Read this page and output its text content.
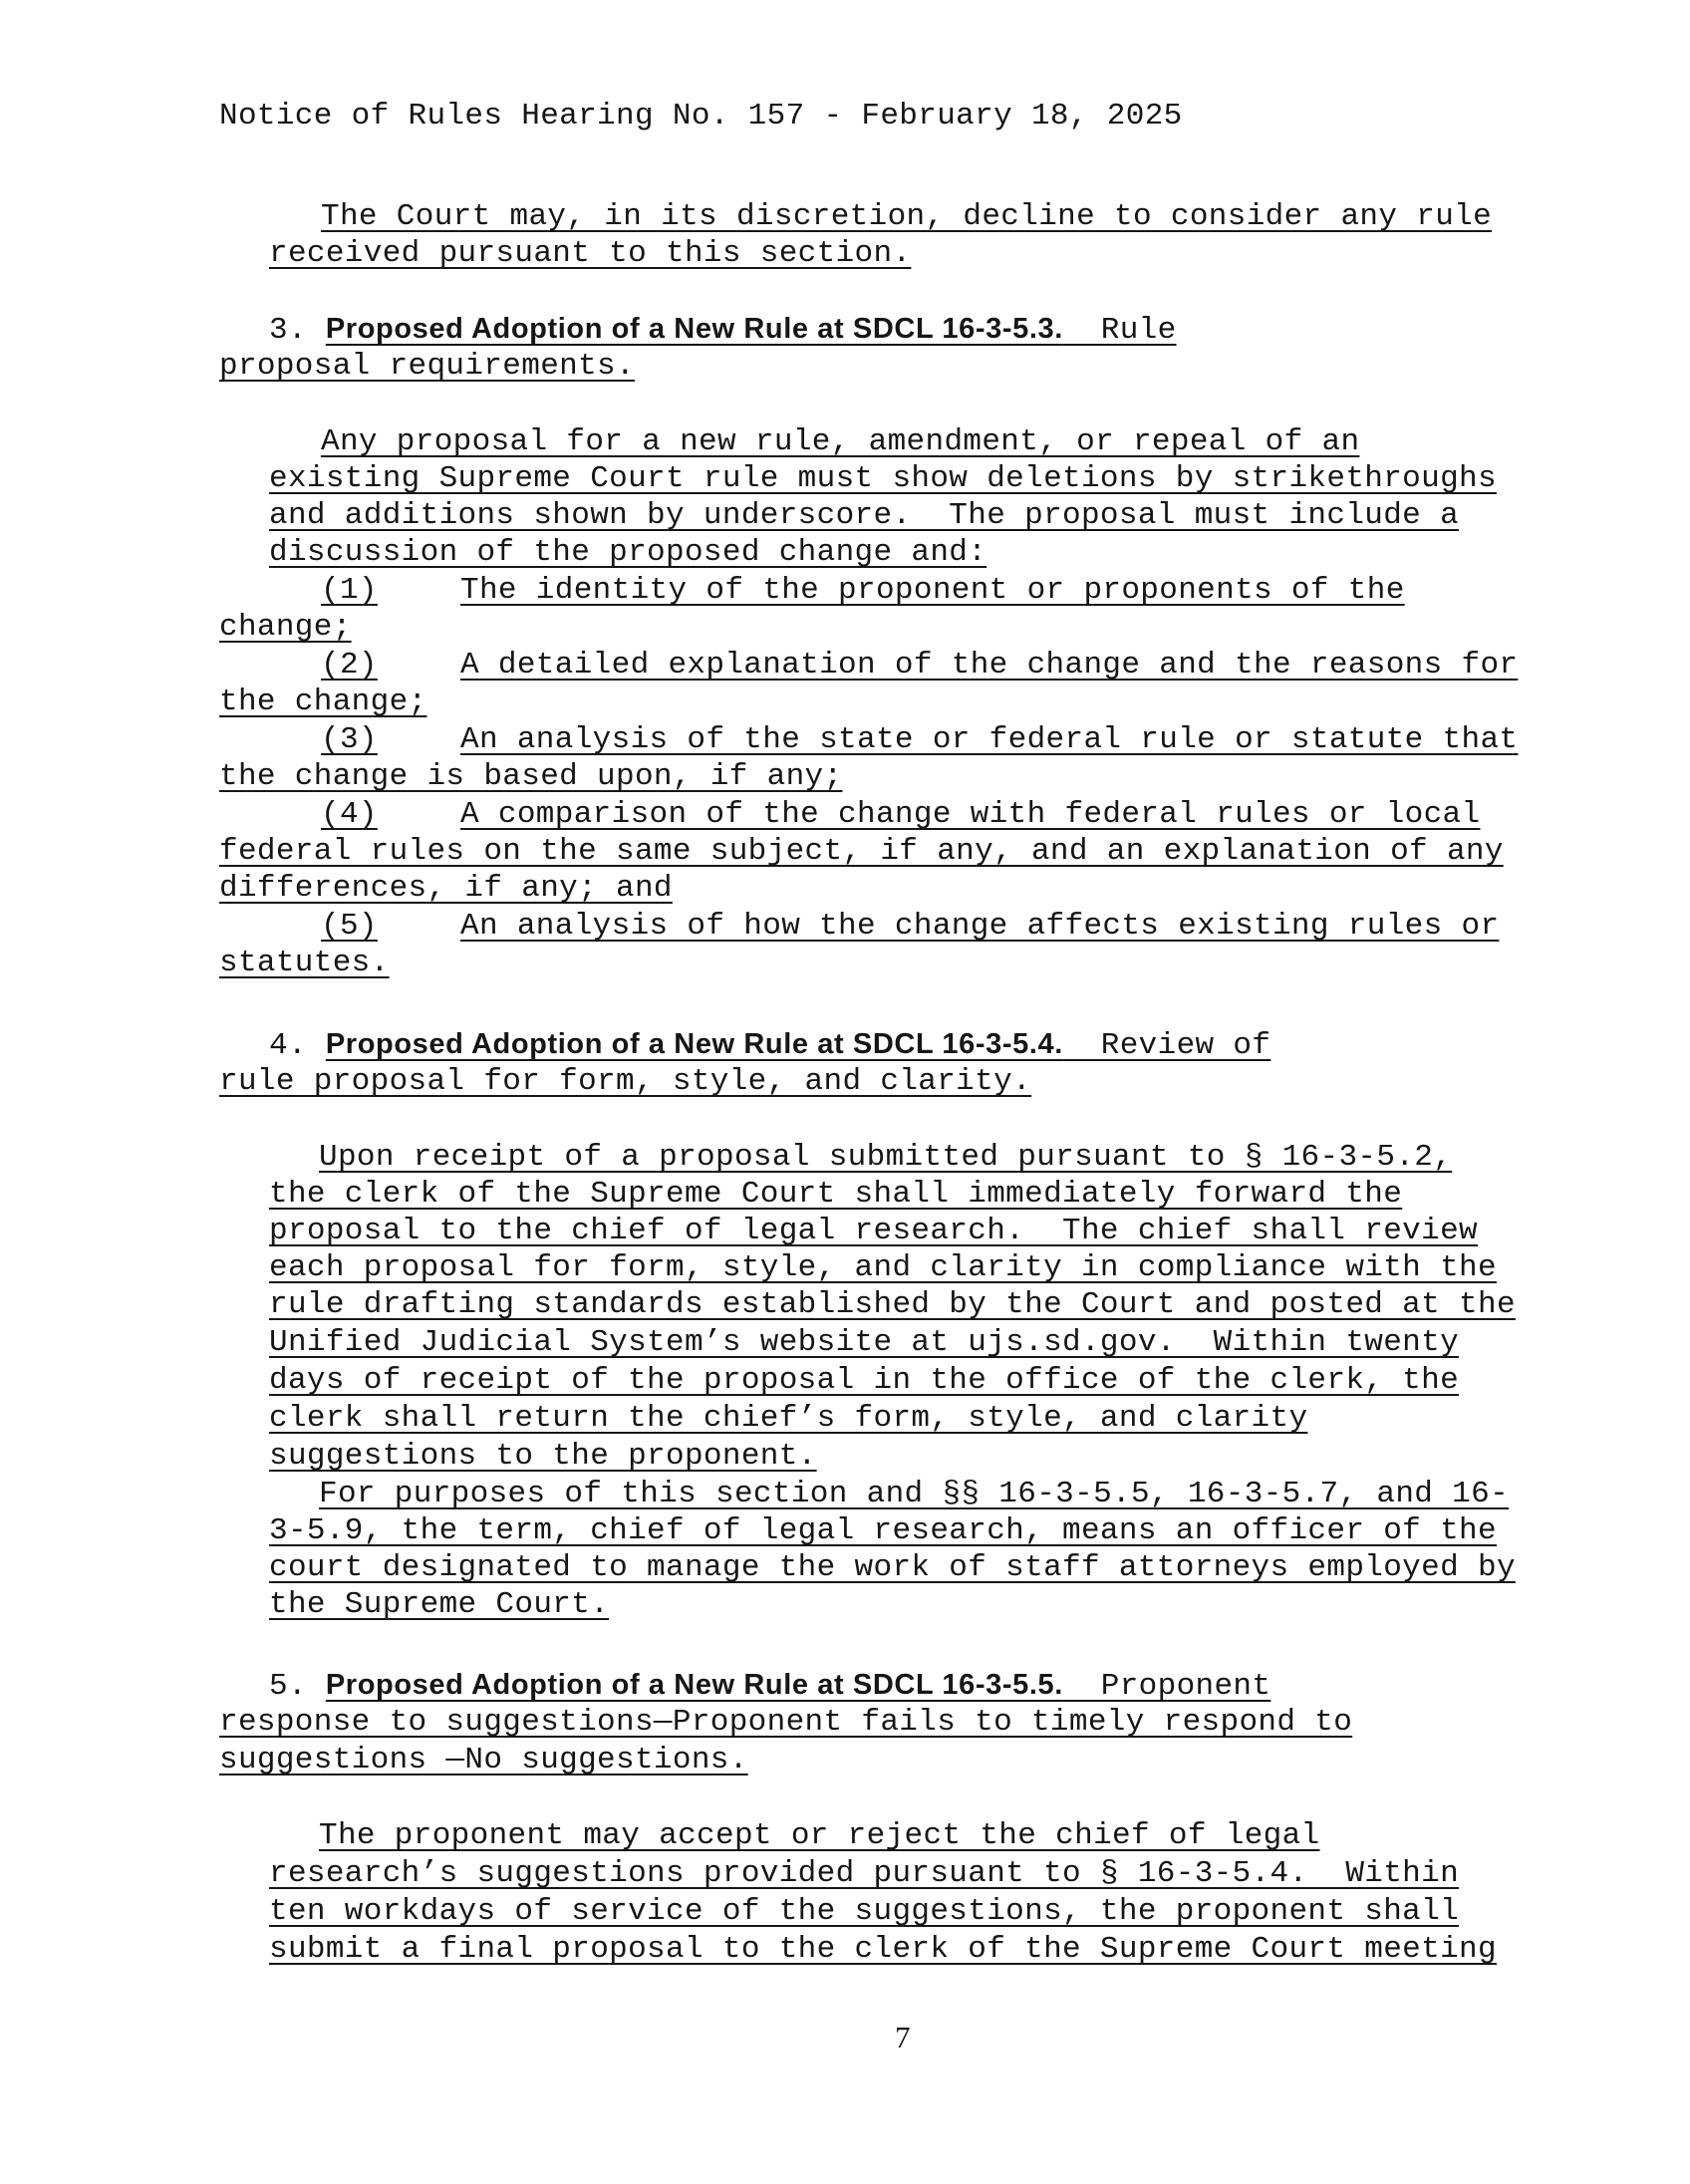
Notice of Rules Hearing No. 157 - February 18, 2025

The Court may, in its discretion, decline to consider any rule

received pursuant to this section.

3. Proposed Adoption of a New Rule at SDCL 16-3-5.3.  Rule

proposal requirements.

Any proposal for a new rule, amendment, or repeal of an

existing Supreme Court rule must show deletions by strikethroughs

and additions shown by underscore.  The proposal must include a

discussion of the proposed change and:

(1)	The identity of the proponent or proponents of the

change;

(2)	A detailed explanation of the change and the reasons for

the change;

(3)	An analysis of the state or federal rule or statute that

the change is based upon, if any;

(4)	A comparison of the change with federal rules or local

federal rules on the same subject, if any, and an explanation of any

differences, if any; and

(5)	An analysis of how the change affects existing rules or

statutes.

4. Proposed Adoption of a New Rule at SDCL 16-3-5.4.  Review of

rule proposal for form, style, and clarity.

Upon receipt of a proposal submitted pursuant to § 16-3-5.2,

the clerk of the Supreme Court shall immediately forward the

proposal to the chief of legal research.  The chief shall review

each proposal for form, style, and clarity in compliance with the

rule drafting standards established by the Court and posted at the

Unified Judicial System’s website at ujs.sd.gov.  Within twenty

days of receipt of the proposal in the office of the clerk, the

clerk shall return the chief’s form, style, and clarity

suggestions to the proponent.

For purposes of this section and §§ 16-3-5.5, 16-3-5.7, and 16-

3-5.9, the term, chief of legal research, means an officer of the

court designated to manage the work of staff attorneys employed by

the Supreme Court.

5. Proposed Adoption of a New Rule at SDCL 16-3-5.5.  Proponent

response to suggestions—Proponent fails to timely respond to

suggestions —No suggestions.

The proponent may accept or reject the chief of legal

research’s suggestions provided pursuant to § 16-3-5.4.  Within

ten workdays of service of the suggestions, the proponent shall

submit a final proposal to the clerk of the Supreme Court meeting

7
